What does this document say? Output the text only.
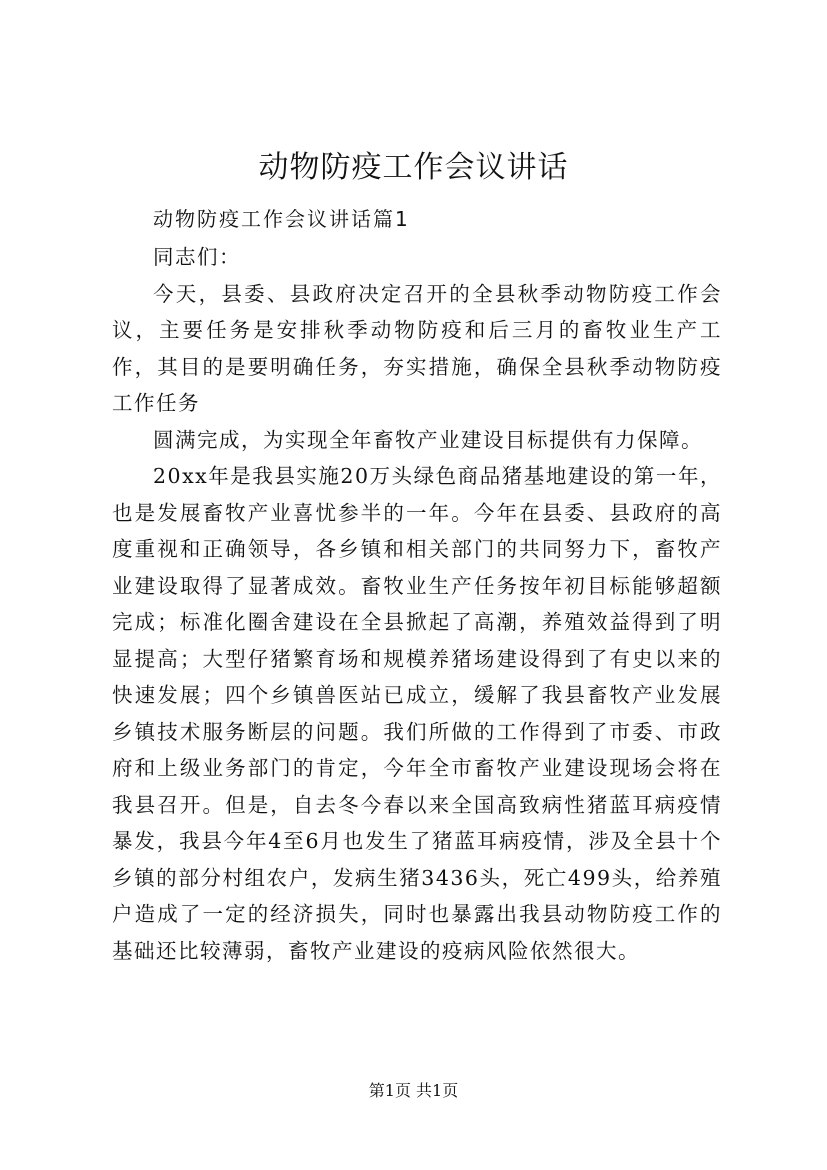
动物防疫工作会议讲话
动物防疫工作会议讲话篇1

同志们：

今天，县委、县政府决定召开的全县秋季动物防疫工作会议，主要任务是安排秋季动物防疫和后三月的畜牧业生产工作，其目的是要明确任务，夯实措施，确保全县秋季动物防疫工作任务

圆满完成，为实现全年畜牧产业建设目标提供有力保障。

20xx年是我县实施20万头绿色商品猪基地建设的第一年，也是发展畜牧产业喜忧参半的一年。今年在县委、县政府的高度重视和正确领导，各乡镇和相关部门的共同努力下，畜牧产业建设取得了显著成效。畜牧业生产任务按年初目标能够超额完成；标准化圈舍建设在全县掀起了高潮，养殖效益得到了明显提高；大型仔猪繁育场和规模养猪场建设得到了有史以来的快速发展；四个乡镇兽医站已成立，缓解了我县畜牧产业发展乡镇技术服务断层的问题。我们所做的工作得到了市委、市政府和上级业务部门的肯定，今年全市畜牧产业建设现场会将在我县召开。但是，自去冬今春以来全国高致病性猪蓝耳病疫情暴发，我县今年4至6月也发生了猪蓝耳病疫情，涉及全县十个乡镇的部分村组农户，发病生猪3436头，死亡499头，给养殖户造成了一定的经济损失，同时也暴露出我县动物防疫工作的基础还比较薄弱，畜牧产业建设的疫病风险依然很大。

第1页 共1页
